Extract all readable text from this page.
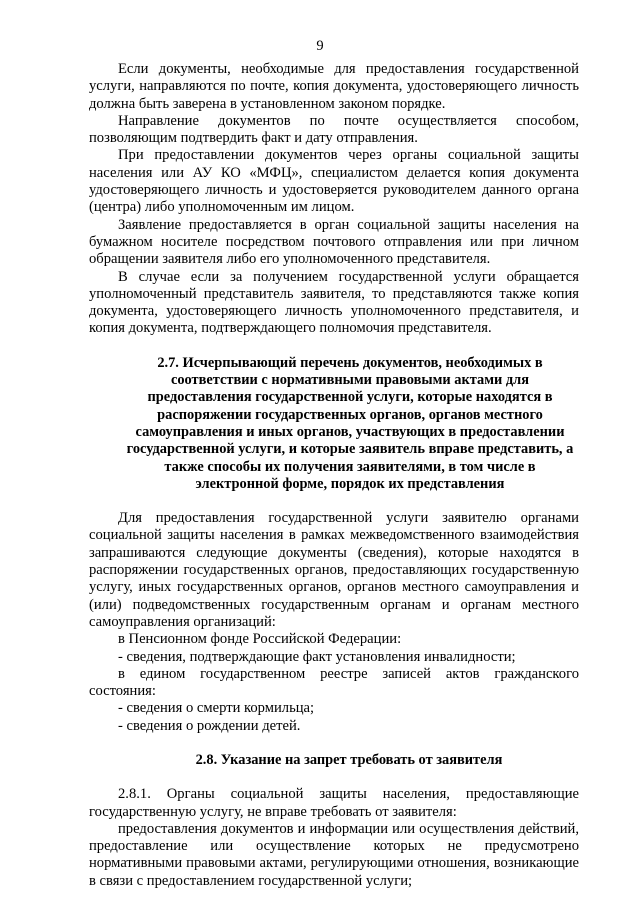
9

Если документы, необходимые для предоставления государственной услуги, направляются по почте, копия документа, удостоверяющего личность должна быть заверена в установленном законом порядке.

Направление документов по почте осуществляется способом, позволяющим подтвердить факт и дату отправления.

При предоставлении документов через органы социальной защиты населения или АУ КО «МФЦ», специалистом делается копия документа удостоверяющего личность и удостоверяется руководителем данного органа (центра) либо уполномоченным им лицом.

Заявление предоставляется в орган социальной защиты населения на бумажном носителе посредством почтового отправления или при личном обращении заявителя либо его уполномоченного представителя.

В случае если за получением государственной услуги обращается уполномоченный представитель заявителя, то представляются также копия документа, удостоверяющего личность уполномоченного представителя, и копия документа, подтверждающего полномочия представителя.

2.7. Исчерпывающий перечень документов, необходимых в соответствии с нормативными правовыми актами для предоставления государственной услуги, которые находятся в распоряжении государственных органов, органов местного самоуправления и иных органов, участвующих в предоставлении государственной услуги, и которые заявитель вправе представить, а также способы их получения заявителями, в том числе в электронной форме, порядок их представления

Для предоставления государственной услуги заявителю органами социальной защиты населения в рамках межведомственного взаимодействия запрашиваются следующие документы (сведения), которые находятся в распоряжении государственных органов, предоставляющих государственную услугу, иных государственных органов, органов местного самоуправления и (или) подведомственных государственным органам и органам местного самоуправления организаций:

в Пенсионном фонде Российской Федерации:

- сведения, подтверждающие факт установления инвалидности;

в едином государственном реестре записей актов гражданского состояния:

- сведения о смерти кормильца;

- сведения о рождении детей.

2.8. Указание на запрет требовать от заявителя

2.8.1. Органы социальной защиты населения, предоставляющие государственную услугу, не вправе требовать от заявителя:

предоставления документов и информации или осуществления действий, предоставление или осуществление которых не предусмотрено нормативными правовыми актами, регулирующими отношения, возникающие в связи с предоставлением государственной услуги;
